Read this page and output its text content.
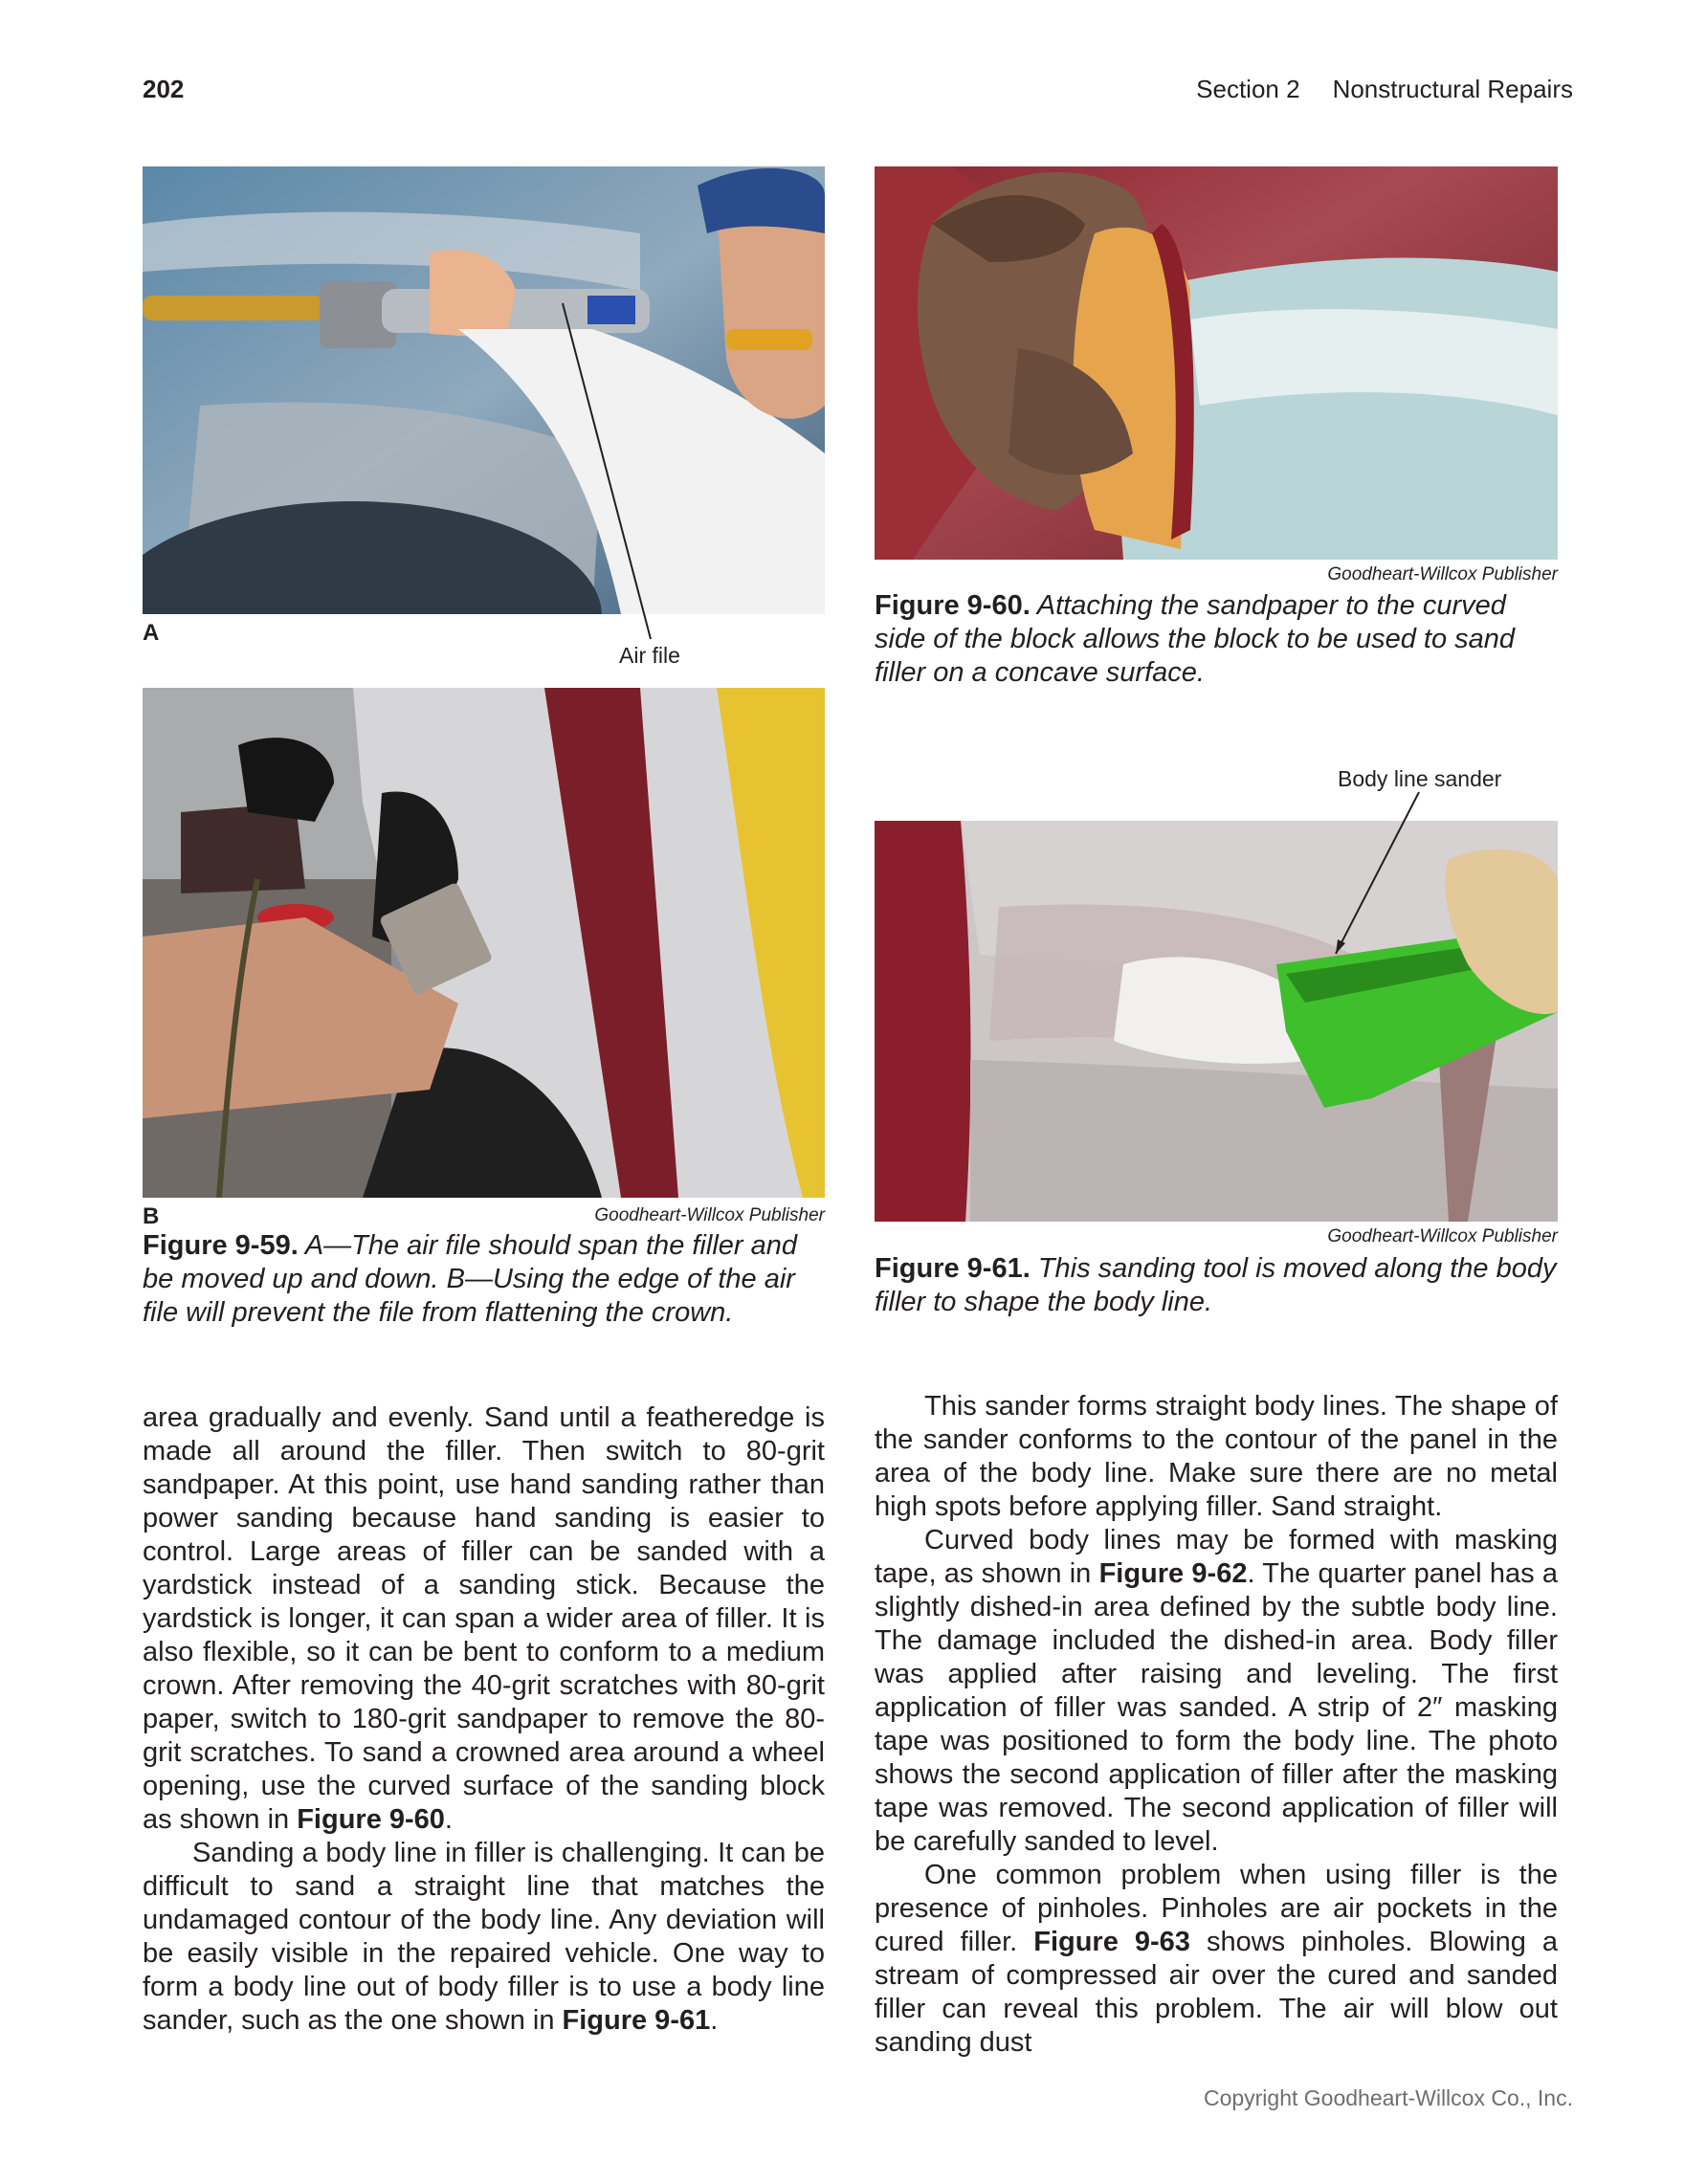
202	Section 2 Nonstructural Repairs
A
Air file
B	Goodheart-Willcox Publisher
Figure 9-59. A—The air file should span the filler and be moved up and down. B—Using the edge of the air file will prevent the file from flattening the crown.
Goodheart-Willcox Publisher
Figure 9-60. Attaching the sandpaper to the curved side of the block allows the block to be used to sand filler on a concave surface.
Body line sander
Goodheart-Willcox Publisher
Figure 9-61. This sanding tool is moved along the body filler to shape the body line.

area gradually and evenly. Sand until a featheredge is made all around the filler. Then switch to 80-grit sandpaper. At this point, use hand sanding rather than power sanding because hand sanding is easier to control. Large areas of filler can be sanded with a yardstick instead of a sanding stick. Because the yardstick is longer, it can span a wider area of filler. It is also flexible, so it can be bent to conform to a medium crown. After removing the 40-grit scratches with 80-grit paper, switch to 180-grit sandpaper to remove the 80-grit scratches. To sand a crowned area around a wheel opening, use the curved surface of the sanding block as shown in Figure 9-60.

Sanding a body line in filler is challenging. It can be difficult to sand a straight line that matches the undamaged contour of the body line. Any deviation will be easily visible in the repaired vehicle. One way to form a body line out of body filler is to use a body line sander, such as the one shown in Figure 9-61.

This sander forms straight body lines. The shape of the sander conforms to the contour of the panel in the area of the body line. Make sure there are no metal high spots before applying filler. Sand straight.

Curved body lines may be formed with masking tape, as shown in Figure 9-62. The quarter panel has a slightly dished-in area defined by the subtle body line. The damage included the dished-in area. Body filler was applied after raising and leveling. The first application of filler was sanded. A strip of 2″ masking tape was positioned to form the body line. The photo shows the second application of filler after the masking tape was removed. The second application of filler will be carefully sanded to level.

One common problem when using filler is the presence of pinholes. Pinholes are air pockets in the cured filler. Figure 9-63 shows pinholes. Blowing a stream of compressed air over the cured and sanded filler can reveal this problem. The air will blow out sanding dust

Copyright Goodheart-Willcox Co., Inc.
